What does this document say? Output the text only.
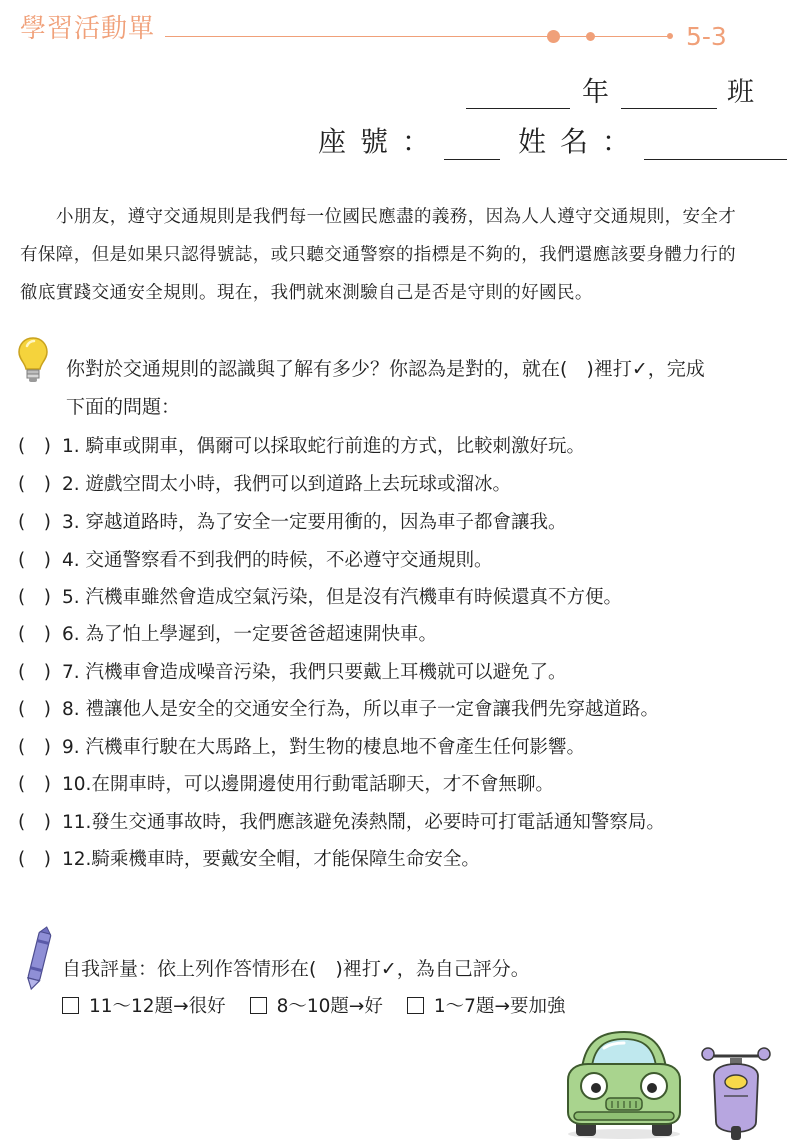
學習活動單	5-3
年	班
座號：	姓名：
小朋友，遵守交通規則是我們每一位國民應盡的義務，因為人人遵守交通規則，安全才
有保障，但是如果只認得號誌，或只聽交通警察的指標是不夠的，我們還應該要身體力行的
徹底實踐交通安全規則。現在，我們就來測驗自己是否是守則的好國民。
你對於交通規則的認識與了解有多少？你認為是對的，就在(　)裡打✓，完成
下面的問題：
(　) 1. 騎車或開車，偶爾可以採取蛇行前進的方式，比較刺激好玩。
(　) 2. 遊戲空間太小時，我們可以到道路上去玩球或溜冰。
(　) 3. 穿越道路時，為了安全一定要用衝的，因為車子都會讓我。
(　) 4. 交通警察看不到我們的時候，不必遵守交通規則。
(　) 5. 汽機車雖然會造成空氣污染，但是沒有汽機車有時候還真不方便。
(　) 6. 為了怕上學遲到，一定要爸爸超速開快車。
(　) 7. 汽機車會造成噪音污染，我們只要戴上耳機就可以避免了。
(　) 8. 禮讓他人是安全的交通安全行為，所以車子一定會讓我們先穿越道路。
(　) 9. 汽機車行駛在大馬路上，對生物的棲息地不會產生任何影響。
(　) 10.在開車時，可以邊開邊使用行動電話聊天，才不會無聊。
(　) 11.發生交通事故時，我們應該避免湊熱鬧，必要時可打電話通知警察局。
(　) 12.騎乘機車時，要戴安全帽，才能保障生命安全。
自我評量：依上列作答情形在(　)裡打✓，為自己評分。
11～12題→很好	8～10題→好	1～7題→要加強
